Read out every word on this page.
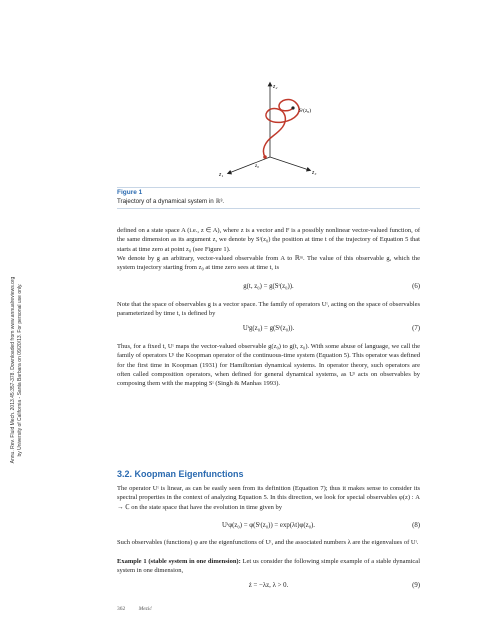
z₁
z₂
z₃
z₀
Sᵗ(z₀)
Figure 1
Trajectory of a dynamical system in ℝ³.
Annu. Rev. Fluid Mech. 2013.45:357-378. Downloaded from www.annualreviews.org by University of California - Santa Barbara on 09/20/13. For personal use only.
defined on a state space A (i.e., z ∈ A), where z is a vector and F is a possibly nonlinear vector-valued function, of the same dimension as its argument z, we denote by Sᵗ(z₀) the position at time t of the trajectory of Equation 5 that starts at time zero at point z₀ (see Figure 1).
We denote by g an arbitrary, vector-valued observable from A to ℝᵐ. The value of this observable g, which the system trajectory starting from z₀ at time zero sees at time t, is
g(t, z₀) = g(Sᵗ(z₀)).	(6)
Note that the space of observables g is a vector space. The family of operators Uᵗ, acting on the space of observables parameterized by time t, is defined by
Uᵗg(z₀) = g(Sᵗ(z₀)).	(7)
Thus, for a fixed t, Uᵗ maps the vector-valued observable g(z₀) to g(t, z₀). With some abuse of language, we call the family of operators Uᵗ the Koopman operator of the continuous-time system (Equation 5). This operator was defined for the first time in Koopman (1931) for Hamiltonian dynamical systems. In operator theory, such operators are often called composition operators, when defined for general dynamical systems, as Uᵗ acts on observables by composing them with the mapping Sᵗ (Singh & Manhas 1993).
3.2. Koopman Eigenfunctions
The operator Uᵗ is linear, as can be easily seen from its definition (Equation 7); thus it makes sense to consider its spectral properties in the context of analyzing Equation 5. In this direction, we look for special observables φ(z) : A → ℂ on the state space that have the evolution in time given by
Uᵗφ(z₀) = φ(Sᵗ(z₀)) = exp(λt)φ(z₀).	(8)
Such observables (functions) φ are the eigenfunctions of Uᵗ, and the associated numbers λ are the eigenvalues of Uᵗ.
Example 1 (stable system in one dimension): Let us consider the following simple example of a stable dynamical system in one dimension,
ż = −λz, λ > 0.	(9)
362 Mezić
